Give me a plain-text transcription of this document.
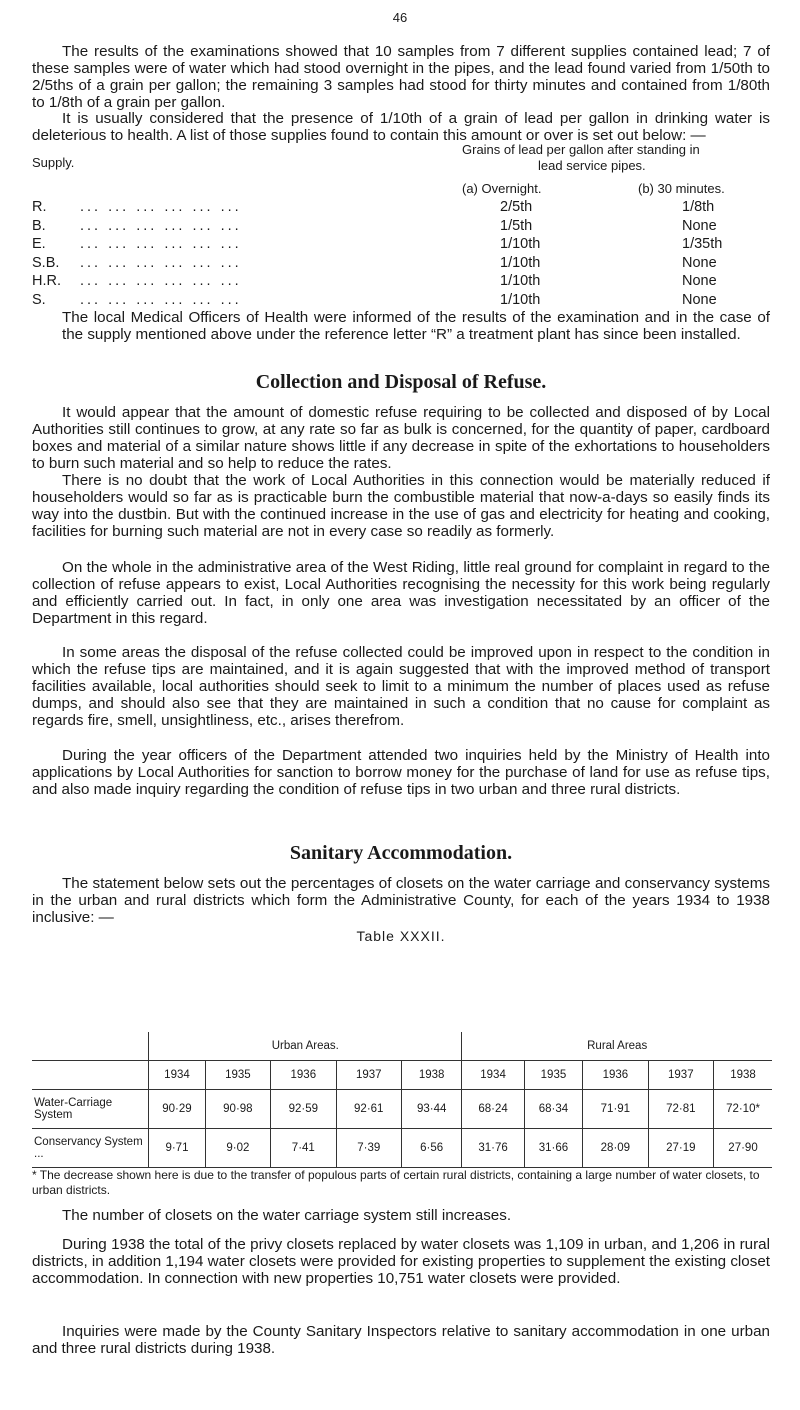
46

The results of the examinations showed that 10 samples from 7 different supplies contained lead; 7 of these samples were of water which had stood overnight in the pipes, and the lead found varied from 1/50th to 2/5ths of a grain per gallon; the remaining 3 samples had stood for thirty minutes and contained from 1/80th to 1/8th of a grain per gallon.

It is usually considered that the presence of 1/10th of a grain of lead per gallon in drinking water is deleterious to health. A list of those supplies found to contain this amount or over is set out below: —

Supply.
Grains of lead per gallon after standing in
lead service pipes.
(a) Overnight.	(b) 30 minutes.
R. ... ... ... ... ... ...	2/5th	1/8th
B. ... ... ... ... ... ...	1/5th	None
E. ... ... ... ... ... ...	1/10th	1/35th
S.B. ... ... ... ... ... ...	1/10th	None
H.R. ... ... ... ... ... ...	1/10th	None
S. ... ... ... ... ... ...	1/10th	None

The local Medical Officers of Health were informed of the results of the examination and in the case of the supply mentioned above under the reference letter “R” a treatment plant has since been installed.

Collection and Disposal of Refuse.

It would appear that the amount of domestic refuse requiring to be collected and disposed of by Local Authorities still continues to grow, at any rate so far as bulk is concerned, for the quantity of paper, cardboard boxes and material of a similar nature shows little if any decrease in spite of the exhortations to householders to burn such material and so help to reduce the rates.

There is no doubt that the work of Local Authorities in this connection would be materially reduced if householders would so far as is practicable burn the combustible material that now-a-days so easily finds its way into the dustbin. But with the continued increase in the use of gas and electricity for heating and cooking, facilities for burning such material are not in every case so readily as formerly.

On the whole in the administrative area of the West Riding, little real ground for complaint in regard to the collection of refuse appears to exist, Local Authorities recognising the necessity for this work being regularly and efficiently carried out. In fact, in only one area was investigation necessitated by an officer of the Department in this regard.

In some areas the disposal of the refuse collected could be improved upon in respect to the condition in which the refuse tips are maintained, and it is again suggested that with the improved method of transport facilities available, local authorities should seek to limit to a minimum the number of places used as refuse dumps, and should also see that they are maintained in such a condition that no cause for complaint as regards fire, smell, unsightliness, etc., arises therefrom.

During the year officers of the Department attended two inquiries held by the Ministry of Health into applications by Local Authorities for sanction to borrow money for the purchase of land for use as refuse tips, and also made inquiry regarding the condition of refuse tips in two urban and three rural districts.

Sanitary Accommodation.

The statement below sets out the percentages of closets on the water carriage and conservancy systems in the urban and rural districts which form the Administrative County, for each of the years 1934 to 1938 inclusive: —

Table XXXII.
	Urban Areas.					Rural Areas				
	1934	1935	1936	1937	1938	1934	1935	1936	1937	1938
Water-Carriage System	90·29	90·98	92·59	92·61	93·44	68·24	68·34	71·91	72·81	72·10*
Conservancy System ...	9·71	9·02	7·41	7·39	6·56	31·76	31·66	28·09	27·19	27·90
* The decrease shown here is due to the transfer of populous parts of certain rural districts, containing a large number of water closets, to urban districts.

The number of closets on the water carriage system still increases.

During 1938 the total of the privy closets replaced by water closets was 1,109 in urban, and 1,206 in rural districts, in addition 1,194 water closets were provided for existing properties to supplement the existing closet accommodation. In connection with new properties 10,751 water closets were provided.

Inquiries were made by the County Sanitary Inspectors relative to sanitary accommodation in one urban and three rural districts during 1938.
